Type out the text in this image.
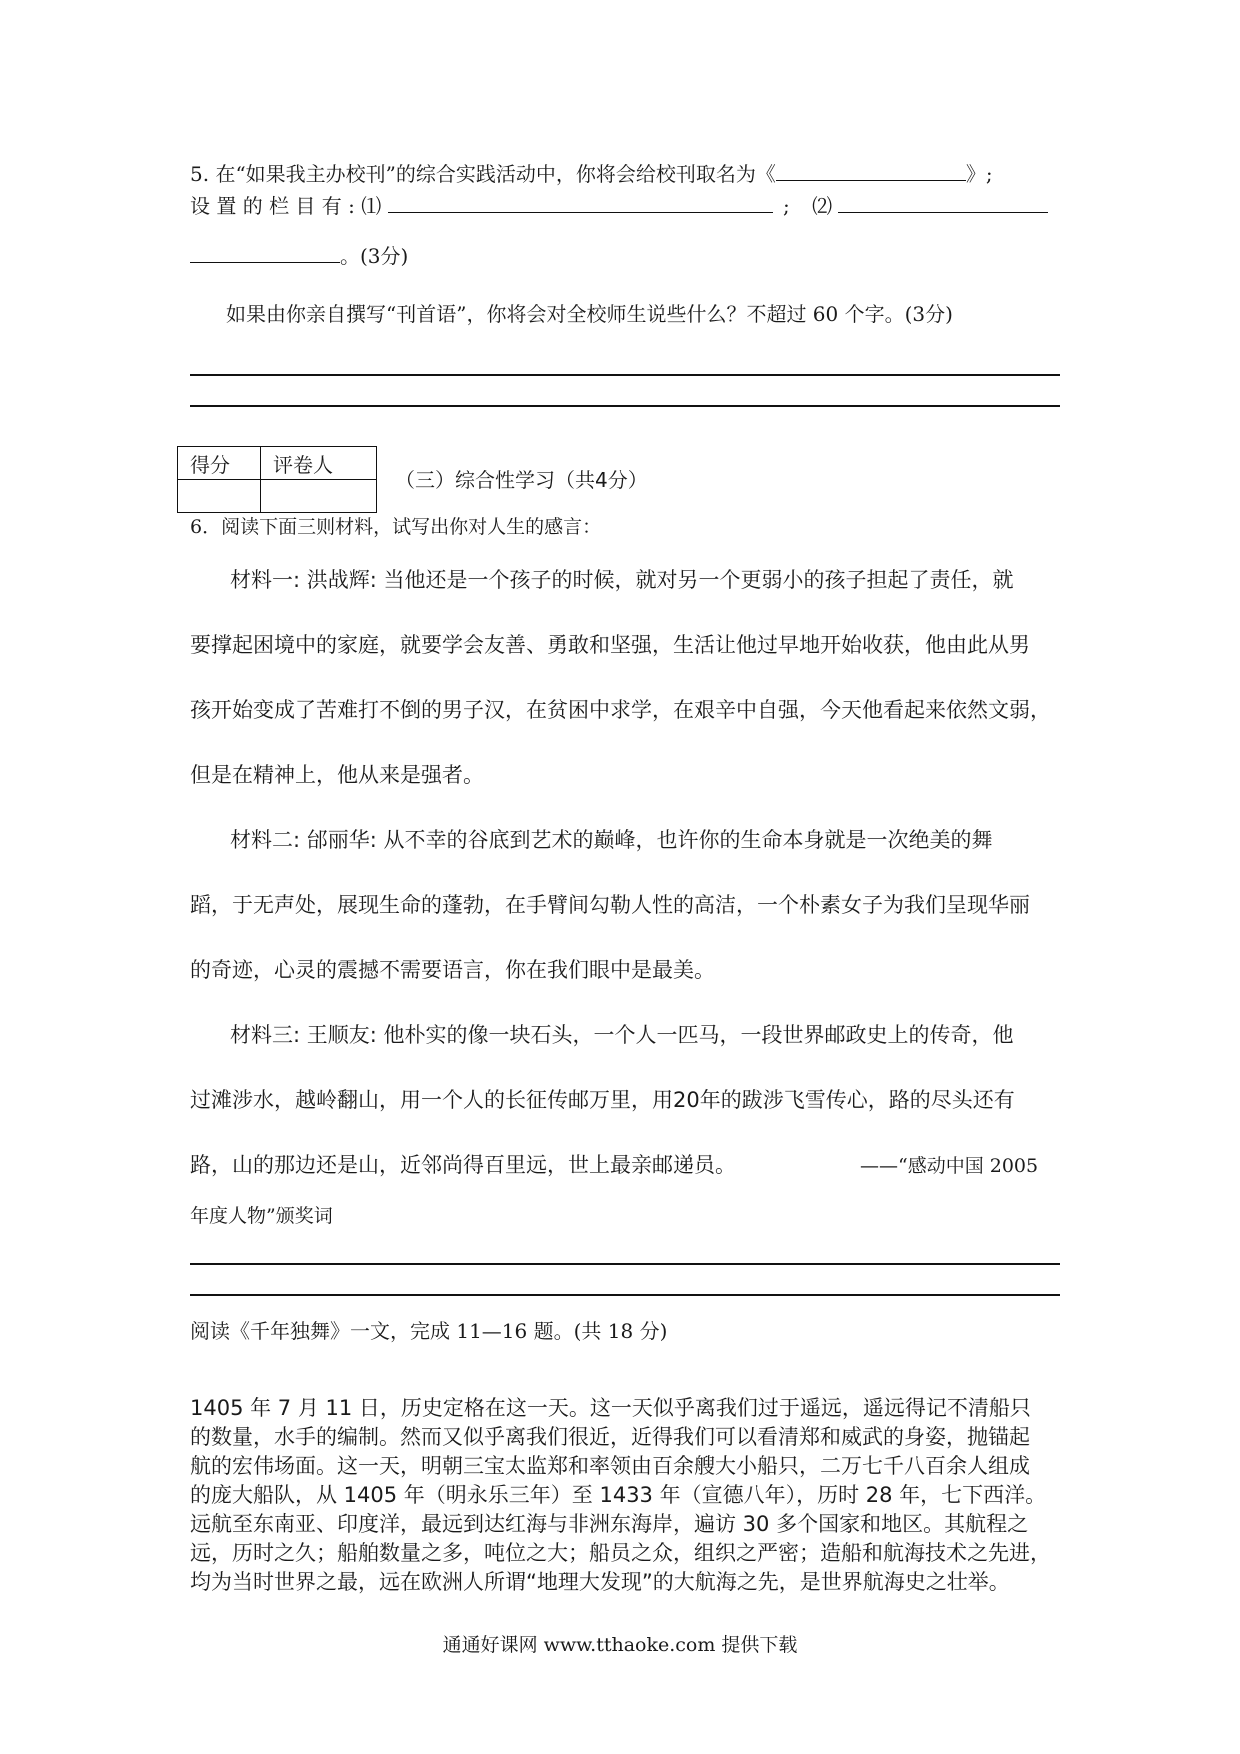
5. 在“如果我主办校刊”的综合实践活动中，你将会给校刊取名为《	》;
设 置 的 栏 目 有 : ⑴	; ⑵
。(3分)
如果由你亲自撰写“刊首语”，你将会对全校师生说些什么？不超过 60 个字。(3分)
得分	评卷人

（三）综合性学习（共4分）
6．阅读下面三则材料，试写出你对人生的感言：
材料一: 洪战辉: 当他还是一个孩子的时候，就对另一个更弱小的孩子担起了责任，就
要撑起困境中的家庭，就要学会友善、勇敢和坚强，生活让他过早地开始收获，他由此从男
孩开始变成了苦难打不倒的男子汉，在贫困中求学，在艰辛中自强，今天他看起来依然文弱，
但是在精神上，他从来是强者。
材料二: 邰丽华: 从不幸的谷底到艺术的巅峰，也许你的生命本身就是一次绝美的舞
蹈，于无声处，展现生命的蓬勃，在手臂间勾勒人性的高洁，一个朴素女子为我们呈现华丽
的奇迹，心灵的震撼不需要语言，你在我们眼中是最美。
材料三: 王顺友: 他朴实的像一块石头，一个人一匹马，一段世界邮政史上的传奇，他
过滩涉水，越岭翻山，用一个人的长征传邮万里，用20年的跋涉飞雪传心，路的尽头还有
路，山的那边还是山，近邻尚得百里远，世上最亲邮递员。	——“感动中国 2005
年度人物”颁奖词
阅读《千年独舞》一文，完成 11—16 题。(共 18 分)
1405 年 7 月 11 日，历史定格在这一天。这一天似乎离我们过于遥远，遥远得记不清船只
的数量，水手的编制。然而又似乎离我们很近，近得我们可以看清郑和威武的身姿，抛锚起
航的宏伟场面。这一天，明朝三宝太监郑和率领由百余艘大小船只，二万七千八百余人组成
的庞大船队，从 1405 年（明永乐三年）至 1433 年（宣德八年），历时 28 年，七下西洋。
远航至东南亚、印度洋，最远到达红海与非洲东海岸，遍访 30 多个国家和地区。其航程之
远，历时之久；船舶数量之多，吨位之大；船员之众，组织之严密；造船和航海技术之先进，
均为当时世界之最，远在欧洲人所谓“地理大发现”的大航海之先，是世界航海史之壮举。
通通好课网 www.tthaoke.com 提供下载
